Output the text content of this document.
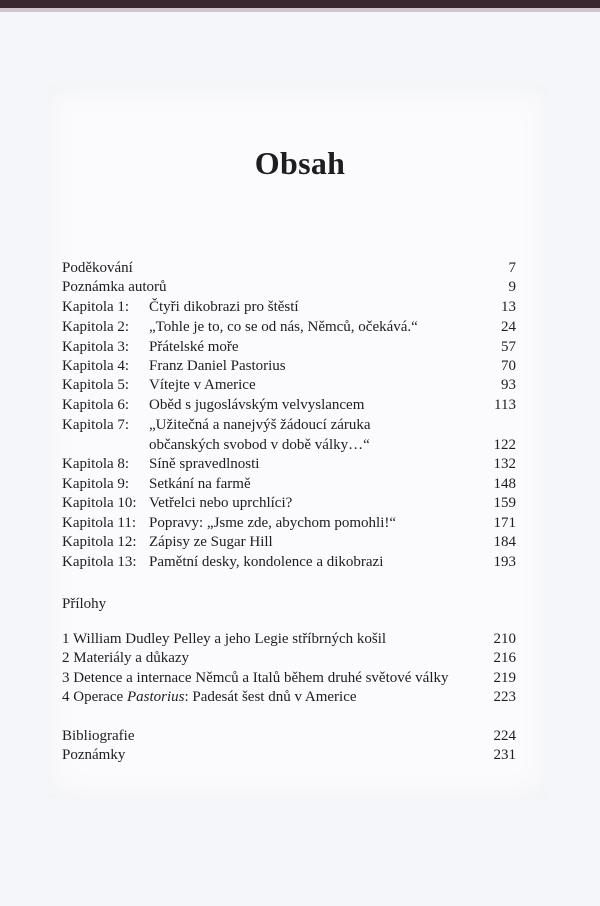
Obsah
Poděkování	7
Poznámka autorů	9
Kapitola 1: Čtyři dikobrazi pro štěstí	13
Kapitola 2: „Tohle je to, co se od nás, Němců, očekává.“	24
Kapitola 3: Přátelské moře	57
Kapitola 4: Franz Daniel Pastorius	70
Kapitola 5: Vítejte v Americe	93
Kapitola 6: Oběd s jugoslávským velvyslancem	113
Kapitola 7: „Užitečná a nanejvýš žádoucí záruka
občanských svobod v době války…“	122
Kapitola 8: Síně spravedlnosti	132
Kapitola 9: Setkání na farmě	148
Kapitola 10: Vetřelci nebo uprchlíci?	159
Kapitola 11: Popravy: „Jsme zde, abychom pomohli!“	171
Kapitola 12: Zápisy ze Sugar Hill	184
Kapitola 13: Pamětní desky, kondolence a dikobrazi	193
Přílohy
1 William Dudley Pelley a jeho Legie stříbrných košil	210
2 Materiály a důkazy	216
3 Detence a internace Němců a Italů během druhé světové války	219
4 Operace Pastorius: Padesát šest dnů v Americe	223
Bibliografie	224
Poznámky	231
